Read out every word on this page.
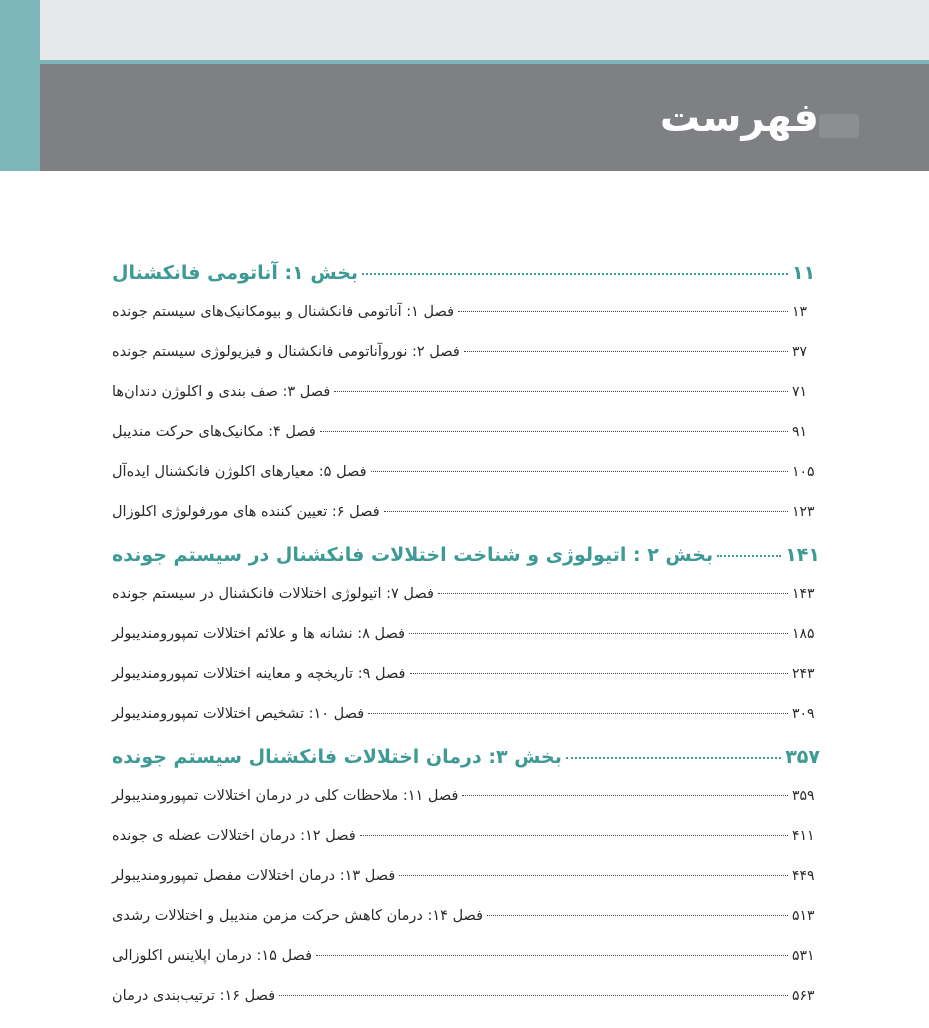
فهرست
بخش ۱: آناتومی فانکشنال	۱۱
فصل ۱: آناتومی فانکشنال و بیومکانیک‌های سیستم جونده	۱۳
فصل ۲: نوروآناتومی فانکشنال و فیزیولوژی سیستم جونده	۳۷
فصل ۳: صف بندی و اکلوژن دندان‌ها	۷۱
فصل ۴: مکانیک‌های حرکت مندیبل	۹۱
فصل ۵: معیارهای اکلوژن فانکشنال ایده‌آل	۱۰۵
فصل ۶: تعیین کننده های مورفولوژی اکلوزال	۱۲۳
بخش ۲ : اتیولوژی و شناخت اختلالات فانکشنال در سیستم جونده	۱۴۱
فصل ۷: اتیولوژی اختلالات فانکشنال در سیستم جونده	۱۴۳
فصل ۸: نشانه ها و علائم اختلالات تمپورومندیبولر	۱۸۵
فصل ۹: تاریخچه و معاینه اختلالات تمپورومندیبولر	۲۴۳
فصل ۱۰: تشخیص اختلالات تمپورومندیبولر	۳۰۹
بخش ۳: درمان اختلالات فانکشنال سیستم جونده	۳۵۷
فصل ۱۱: ملاحظات کلی در درمان اختلالات تمپورومندیبولر	۳۵۹
فصل ۱۲: درمان اختلالات عضله ی جونده	۴۱۱
فصل ۱۳: درمان اختلالات مفصل تمپورومندیبولر	۴۴۹
فصل ۱۴: درمان کاهش حرکت مزمن مندیبل و اختلالات رشدی	۵۱۳
فصل ۱۵: درمان اپلاینس اکلوزالی	۵۳۱
فصل ۱۶: ترتیب‌بندی درمان	۵۶۳
